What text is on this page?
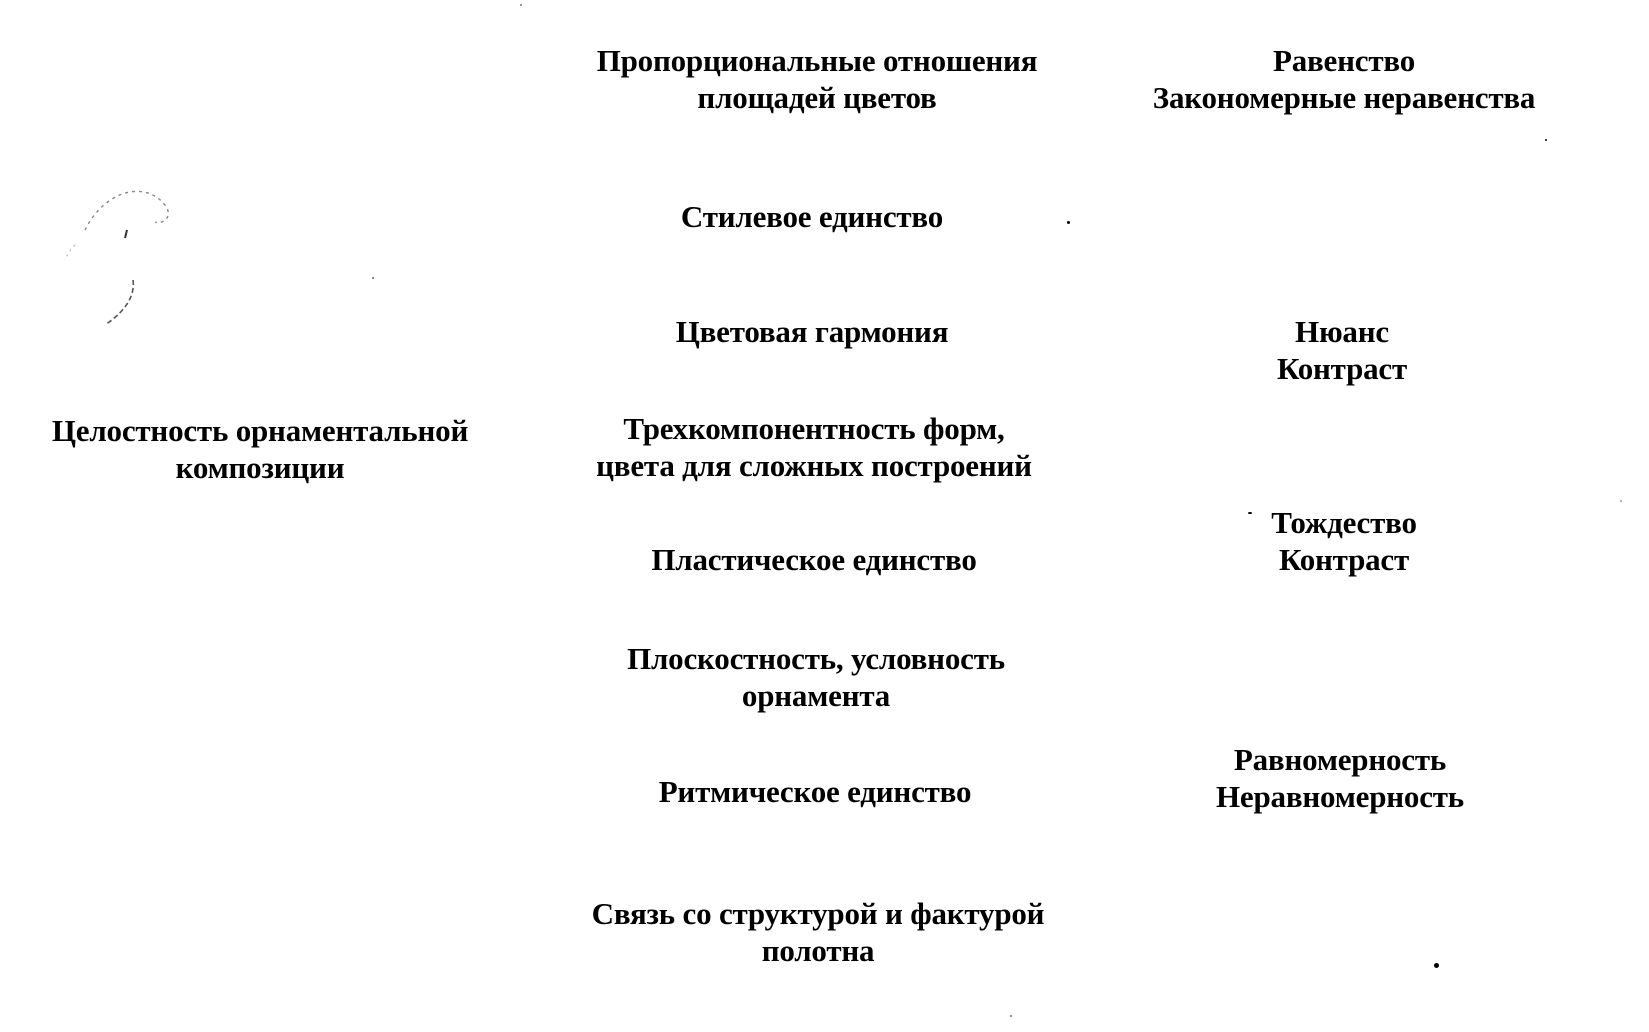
Целостность орнаментальной
композиции
Пропорциональные отношения
площадей цветов
Стилевое единство
Цветовая гармония
Трехкомпонентность форм,
цвета для сложных построений
Пластическое единство
Плоскостность, условность
орнамента
Ритмическое единство
Связь со структурой и фактурой
полотна
Равенство
Закономерные неравенства
Нюанс
Контраст
Тождество
Контраст
Равномерность
Неравномерность
